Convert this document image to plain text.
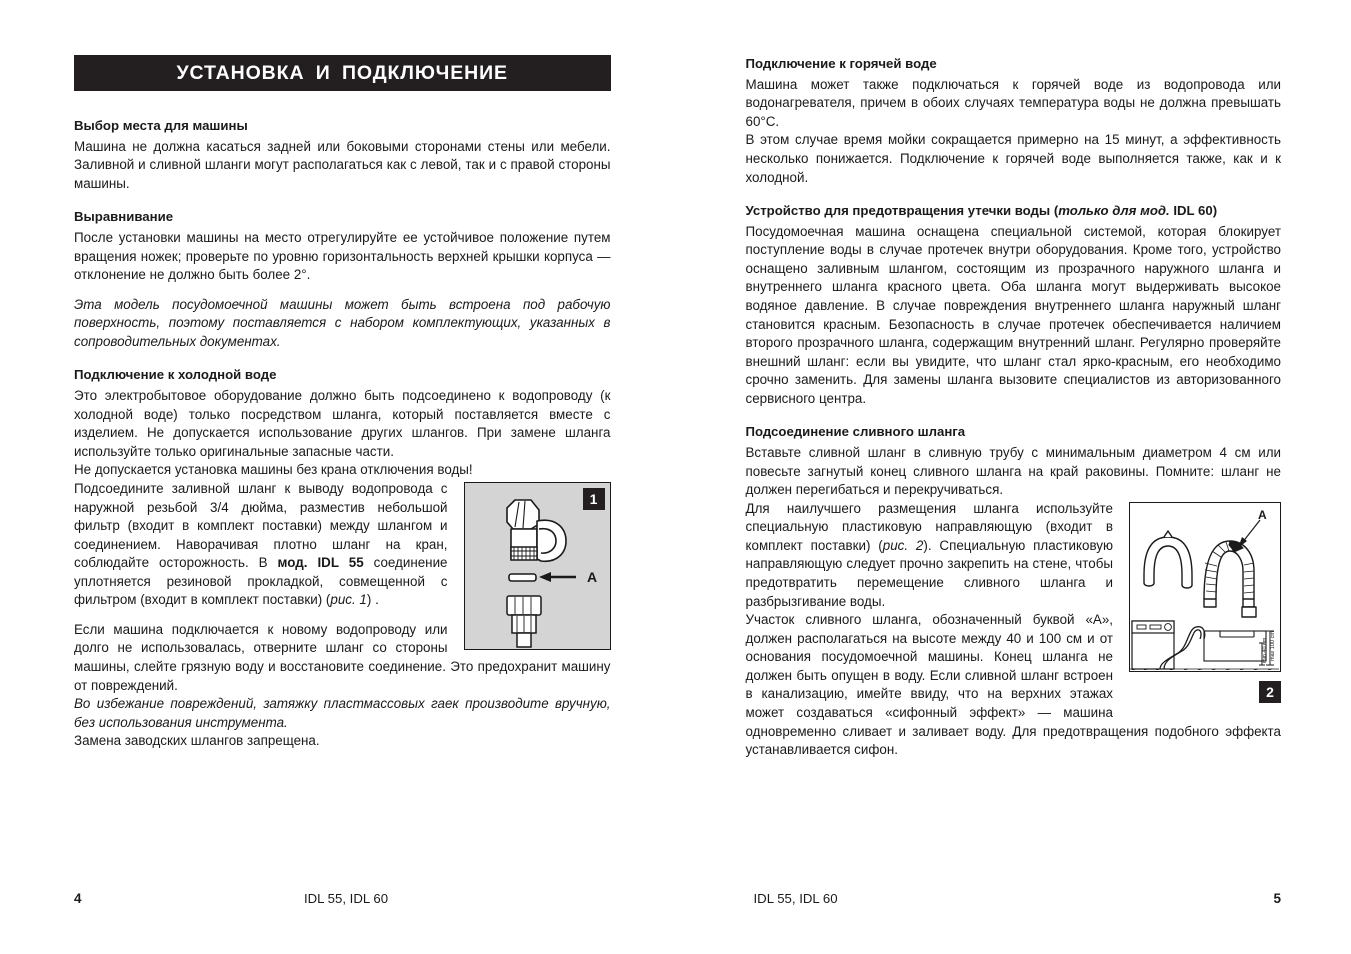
УСТАНОВКА И ПОДКЛЮЧЕНИЕ
Выбор места для машины

Машина не должна касаться задней или боковыми сторонами стены или мебели. Заливной и сливной шланги могут располагаться как с левой, так и с правой стороны машины.

Выравнивание

После установки машины на место отрегулируйте ее устойчивое положение путем вращения ножек; проверьте по уровню горизонтальность верхней крышки корпуса — отклонение не должно быть более 2°.

Эта модель посудомоечной машины может быть встроена под рабочую поверхность, поэтому поставляется с набором комплектующих, указанных в сопроводительных документах.

Подключение к холодной воде

Это электробытовое оборудование должно быть подсоединено к водопроводу (к холодной воде) только посредством шланга, который поставляется вместе с изделием. Не допускается использование других шлангов. При замене шланга используйте только оригинальные запасные части.

Не допускается установка машины без крана отключения воды!

A
1

Подсоедините заливной шланг к выводу водопровода с наружной резьбой 3/4 дюйма, разместив небольшой фильтр (входит в комплект поставки) между шлангом и соединением. Наворачивая плотно шланг на кран, соблюдайте осторожность. В мод. IDL 55 соединение уплотняется резиновой прокладкой, совмещенной с фильтром (входит в комплект поставки) (рис. 1) .

Если машина подключается к новому водопроводу или долго не использовалась, отверните шланг со стороны машины, слейте грязную воду и восстановите соединение. Это предохранит машину от повреждений.

Во избежание повреждений, затяжку пластмассовых гаек производите вручную, без использования инструмента.

Замена заводских шлангов запрещена.

4	IDL 55, IDL 60
Подключение к горячей воде

Машина может также подключаться к горячей воде из водопровода или водонагревателя, причем в обоих случаях температура воды не должна превышать 60°C.

В этом случае время мойки сокращается примерно на 15 минут, а эффективность несколько понижается. Подключение к горячей воде выполняется также, как и к холодной.

Устройство для предотвращения утечки воды (только для мод. IDL 60)

Посудомоечная машина оснащена специальной системой, которая блокирует поступление воды в случае протечек внутри оборудования. Кроме того, устройство оснащено заливным шлангом, состоящим из прозрачного наружного шланга и внутреннего шланга красного цвета. Оба шланга могут выдерживать высокое водяное давление. В случае повреждения внутреннего шланга наружный шланг становится красным. Безопасность в случае протечек обеспечивается наличием второго прозрачного шланга, содержащим внутренний шланг. Регулярно проверяйте внешний шланг: если вы увидите, что шланг стал ярко-красным, его необходимо срочно заменить. Для замены шланга вызовите специалистов из авторизованного сервисного центра.

Подсоединение сливного шланга

Вставьте сливной шланг в сливную трубу с минимальным диаметром 4 см или повесьте загнутый конец сливного шланга на край раковины. Помните: шланг не должен перегибаться и перекручиваться.

A
max 100 cm
min 40 cm
2

Для наилучшего размещения шланга используйте специальную пластиковую направляющую (входит в комплект поставки) (рис. 2). Специальную пластиковую направляющую следует прочно закрепить на стене, чтобы предотвратить перемещение сливного шланга и разбрызгивание воды.

Участок сливного шланга, обозначенный буквой «А», должен располагаться на высоте между 40 и 100 см и от основания посудомоечной машины. Конец шланга не должен быть опущен в воду. Если сливной шланг встроен в канализацию, имейте ввиду, что на верхних этажах может создаваться «сифонный эффект» — машина одновременно сливает и заливает воду. Для предотвращения подобного эффекта устанавливается сифон.

IDL 55, IDL 60	5
